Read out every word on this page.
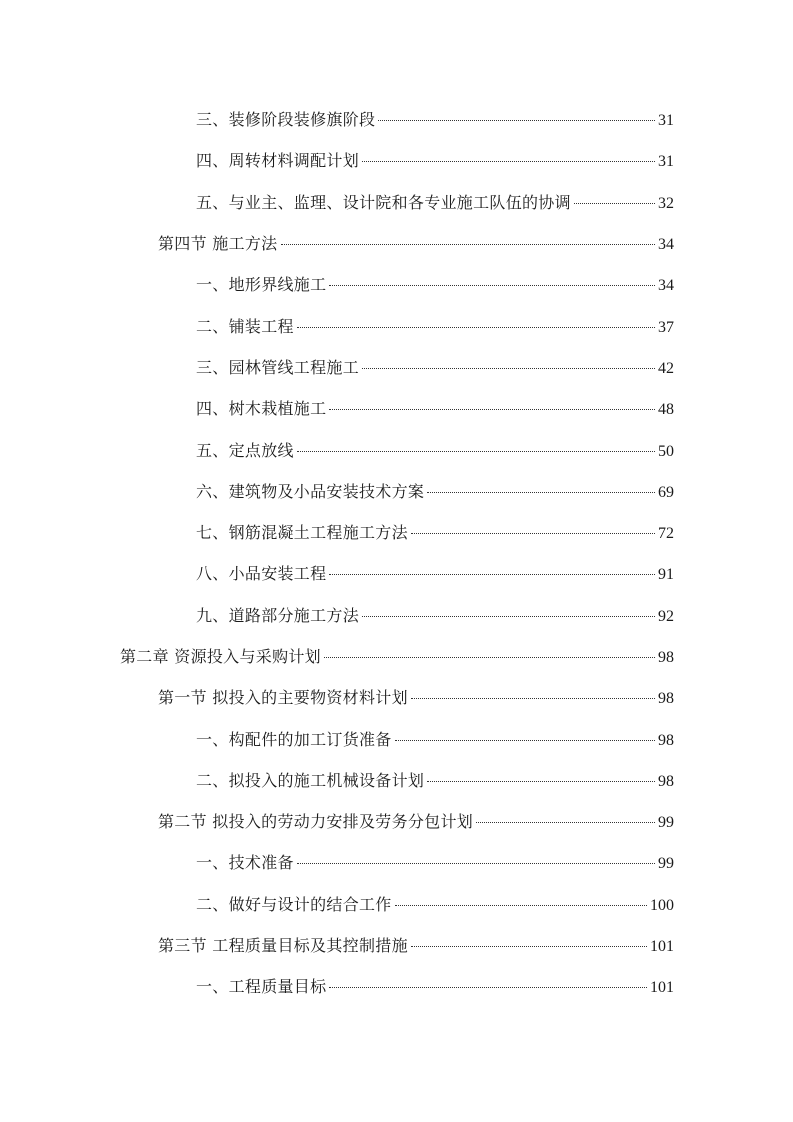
三、装修阶段装修旗阶段	31
四、周转材料调配计划	31
五、与业主、监理、设计院和各专业施工队伍的协调	32
第四节 施工方法	34
一、地形界线施工	34
二、铺装工程	37
三、园林管线工程施工	42
四、树木栽植施工	48
五、定点放线	50
六、建筑物及小品安装技术方案	69
七、钢筋混凝土工程施工方法	72
八、小品安装工程	91
九、道路部分施工方法	92
第二章 资源投入与采购计划	98
第一节 拟投入的主要物资材料计划	98
一、构配件的加工订货准备	98
二、拟投入的施工机械设备计划	98
第二节 拟投入的劳动力安排及劳务分包计划	99
一、技术准备	99
二、做好与设计的结合工作	100
第三节 工程质量目标及其控制措施	101
一、工程质量目标	101
